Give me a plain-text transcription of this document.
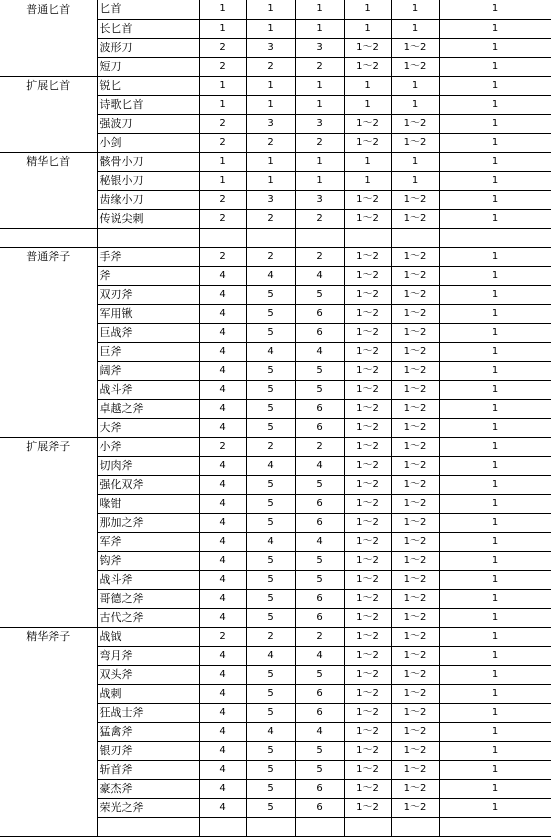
普通匕首	匕首	1	1	1	1	1	1
	长匕首	1	1	1	1	1	1
	波形刀	2	3	3	1～2	1～2	1
	短刀	2	2	2	1～2	1～2	1
扩展匕首	锐匕	1	1	1	1	1	1
	诗歌匕首	1	1	1	1	1	1
	强波刀	2	3	3	1～2	1～2	1
	小剑	2	2	2	1～2	1～2	1
精华匕首	骸骨小刀	1	1	1	1	1	1
	秘银小刀	1	1	1	1	1	1
	齿缘小刀	2	3	3	1～2	1～2	1
	传说尖刺	2	2	2	1～2	1～2	1

普通斧子	手斧	2	2	2	1～2	1～2	1
	斧	4	4	4	1～2	1～2	1
	双刃斧	4	5	5	1～2	1～2	1
	军用锹	4	5	6	1～2	1～2	1
	巨战斧	4	5	6	1～2	1～2	1
	巨斧	4	4	4	1～2	1～2	1
	阔斧	4	5	5	1～2	1～2	1
	战斗斧	4	5	5	1～2	1～2	1
	卓越之斧	4	5	6	1～2	1～2	1
	大斧	4	5	6	1～2	1～2	1
扩展斧子	小斧	2	2	2	1～2	1～2	1
	切肉斧	4	4	4	1～2	1～2	1
	强化双斧	4	5	5	1～2	1～2	1
	喙钳	4	5	6	1～2	1～2	1
	那加之斧	4	5	6	1～2	1～2	1
	军斧	4	4	4	1～2	1～2	1
	钩斧	4	5	5	1～2	1～2	1
	战斗斧	4	5	5	1～2	1～2	1
	哥德之斧	4	5	6	1～2	1～2	1
	古代之斧	4	5	6	1～2	1～2	1
精华斧子	战钺	2	2	2	1～2	1～2	1
	弯月斧	4	4	4	1～2	1～2	1
	双头斧	4	5	5	1～2	1～2	1
	战刺	4	5	6	1～2	1～2	1
	狂战士斧	4	5	6	1～2	1～2	1
	猛禽斧	4	4	4	1～2	1～2	1
	银刃斧	4	5	5	1～2	1～2	1
	斩首斧	4	5	5	1～2	1～2	1
	豪杰斧	4	5	6	1～2	1～2	1
	荣光之斧	4	5	6	1～2	1～2	1
